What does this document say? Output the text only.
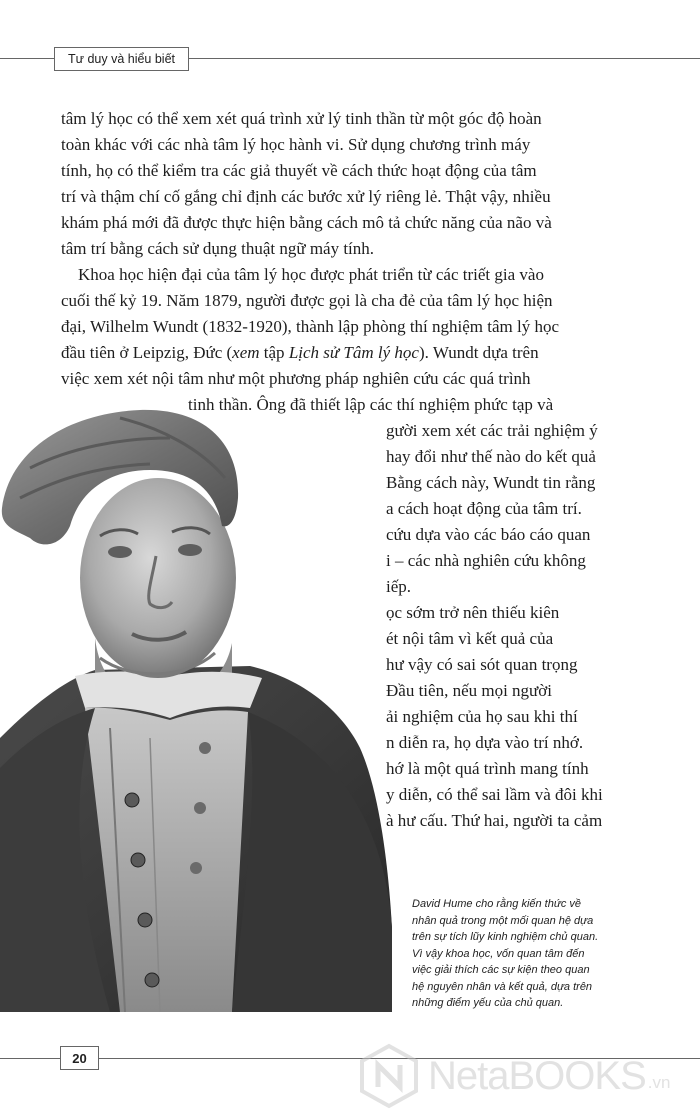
Tư duy và hiểu biết
tâm lý học có thể xem xét quá trình xử lý tinh thần từ một góc độ hoàn
toàn khác với các nhà tâm lý học hành vi. Sử dụng chương trình máy
tính, họ có thể kiểm tra các giả thuyết về cách thức hoạt động của tâm
trí và thậm chí cố gắng chỉ định các bước xử lý riêng lẻ. Thật vậy, nhiều
khám phá mới đã được thực hiện bằng cách mô tả chức năng của não và
tâm trí bằng cách sử dụng thuật ngữ máy tính.
Khoa học hiện đại của tâm lý học được phát triển từ các triết gia vào
cuối thế kỷ 19. Năm 1879, người được gọi là cha đẻ của tâm lý học hiện
đại, Wilhelm Wundt (1832-1920), thành lập phòng thí nghiệm tâm lý học
đầu tiên ở Leipzig, Đức (xem tập Lịch sử Tâm lý học). Wundt dựa trên
việc xem xét nội tâm như một phương pháp nghiên cứu các quá trình
tinh thần. Ông đã thiết lập các thí nghiệm phức tạp và
gười xem xét các trải nghiệm ý
hay đổi như thế nào do kết quả
Bằng cách này, Wundt tin rằng
a cách hoạt động của tâm trí.
cứu dựa vào các báo cáo quan
i – các nhà nghiên cứu không
iếp.
ọc sớm trở nên thiếu kiên
ét nội tâm vì kết quả của
hư vậy có sai sót quan trọng
Đầu tiên, nếu mọi người
ải nghiệm của họ sau khi thí
n diễn ra, họ dựa vào trí nhớ.
hớ là một quá trình mang tính
y diễn, có thể sai lầm và đôi khi
à hư cấu. Thứ hai, người ta cảm
David Hume cho rằng kiến thức về
nhân quả trong một mối quan hệ dựa
trên sự tích lũy kinh nghiệm chủ quan.
Vì vậy khoa học, vốn quan tâm đến
việc giải thích các sự kiện theo quan
hệ nguyên nhân và kết quả, dựa trên
những điểm yếu của chủ quan.
20	NetaBOOKS .vn
